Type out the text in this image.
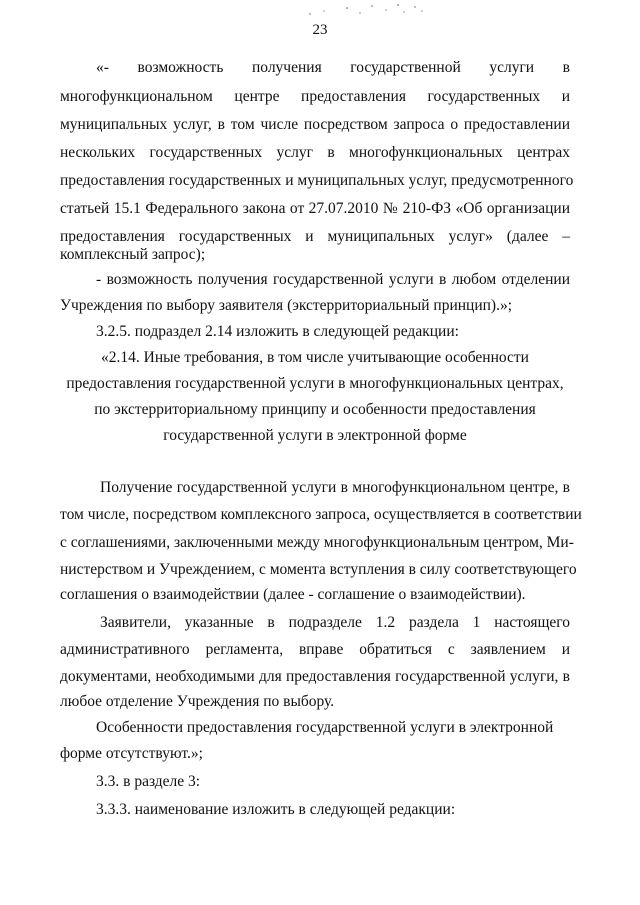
23
«- возможность получения государственной услуги в
многофункциональном центре предоставления государственных и
муниципальных услуг, в том числе посредством запроса о предоставлении
нескольких государственных услуг в многофункциональных центрах
предоставления государственных и муниципальных услуг, предусмотренного
статьей 15.1 Федерального закона от 27.07.2010 № 210-ФЗ «Об организации
предоставления государственных и муниципальных услуг» (далее –
комплексный запрос);
- возможность получения государственной услуги в любом отделении
Учреждения по выбору заявителя (экстерриториальный принцип).»;
3.2.5. подраздел 2.14 изложить в следующей редакции:
«2.14. Иные требования, в том числе учитывающие особенности
предоставления государственной услуги в многофункциональных центрах,
по экстерриториальному принципу и особенности предоставления
государственной услуги в электронной форме
Получение государственной услуги в многофункциональном центре, в
том числе, посредством комплексного запроса, осуществляется в соответствии
с соглашениями, заключенными между многофункциональным центром, Ми-
нистерством и Учреждением, с момента вступления в силу соответствующего
соглашения о взаимодействии (далее - соглашение о взаимодействии).
Заявители, указанные в подразделе 1.2 раздела 1 настоящего
административного регламента, вправе обратиться с заявлением и
документами, необходимыми для предоставления государственной услуги, в
любое отделение Учреждения по выбору.
Особенности предоставления государственной услуги в электронной
форме отсутствуют.»;
3.3. в разделе 3:
3.3.3. наименование изложить в следующей редакции:
